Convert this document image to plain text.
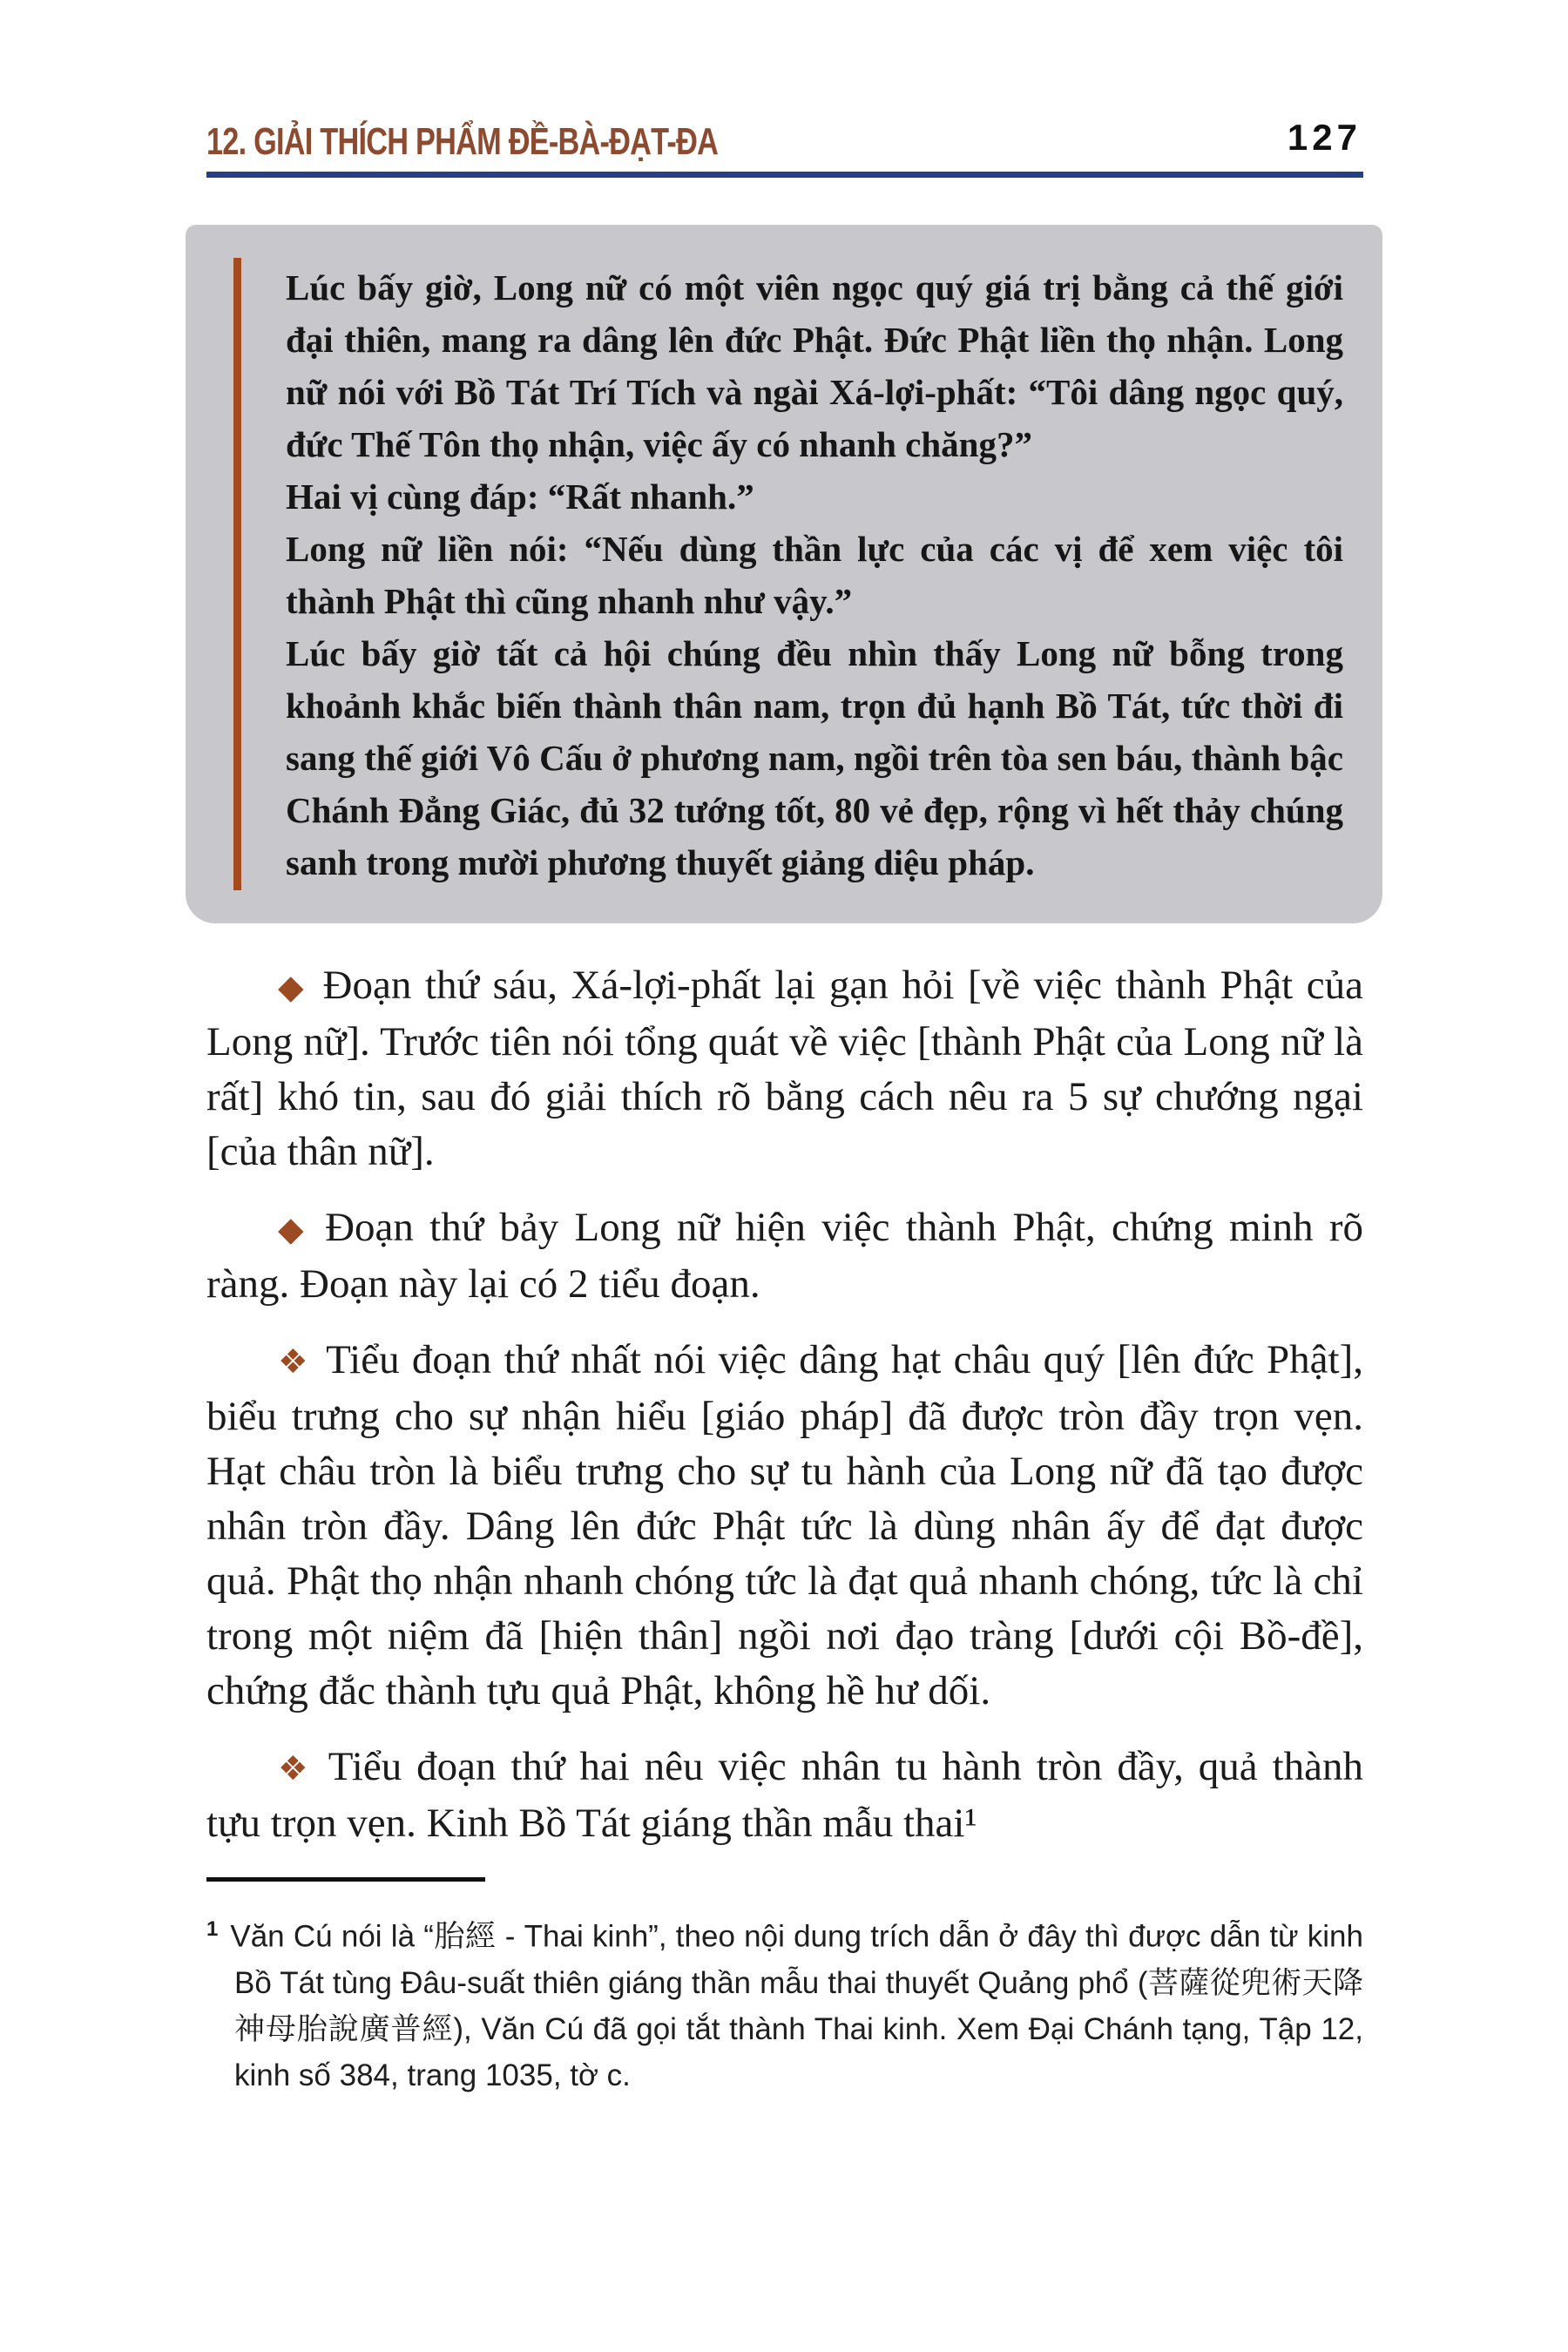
12. GIẢI THÍCH PHẨM ĐỀ-BÀ-ĐẠT-ĐA	127

Lúc bấy giờ, Long nữ có một viên ngọc quý giá trị bằng cả thế giới đại thiên, mang ra dâng lên đức Phật. Đức Phật liền thọ nhận. Long nữ nói với Bồ Tát Trí Tích và ngài Xá-lợi-phất: “Tôi dâng ngọc quý, đức Thế Tôn thọ nhận, việc ấy có nhanh chăng?”

Hai vị cùng đáp: “Rất nhanh.”

Long nữ liền nói: “Nếu dùng thần lực của các vị để xem việc tôi thành Phật thì cũng nhanh như vậy.”

Lúc bấy giờ tất cả hội chúng đều nhìn thấy Long nữ bỗng trong khoảnh khắc biến thành thân nam, trọn đủ hạnh Bồ Tát, tức thời đi sang thế giới Vô Cấu ở phương nam, ngồi trên tòa sen báu, thành bậc Chánh Đẳng Giác, đủ 32 tướng tốt, 80 vẻ đẹp, rộng vì hết thảy chúng sanh trong mười phương thuyết giảng diệu pháp.

◆ Đoạn thứ sáu, Xá-lợi-phất lại gạn hỏi [về việc thành Phật của Long nữ]. Trước tiên nói tổng quát về việc [thành Phật của Long nữ là rất] khó tin, sau đó giải thích rõ bằng cách nêu ra 5 sự chướng ngại [của thân nữ].

◆ Đoạn thứ bảy Long nữ hiện việc thành Phật, chứng minh rõ ràng. Đoạn này lại có 2 tiểu đoạn.

❖ Tiểu đoạn thứ nhất nói việc dâng hạt châu quý [lên đức Phật], biểu trưng cho sự nhận hiểu [giáo pháp] đã được tròn đầy trọn vẹn. Hạt châu tròn là biểu trưng cho sự tu hành của Long nữ đã tạo được nhân tròn đầy. Dâng lên đức Phật tức là dùng nhân ấy để đạt được quả. Phật thọ nhận nhanh chóng tức là đạt quả nhanh chóng, tức là chỉ trong một niệm đã [hiện thân] ngồi nơi đạo tràng [dưới cội Bồ-đề], chứng đắc thành tựu quả Phật, không hề hư dối.

❖ Tiểu đoạn thứ hai nêu việc nhân tu hành tròn đầy, quả thành tựu trọn vẹn. Kinh Bồ Tát giáng thần mẫu thai¹

$^1$ Văn Cú nói là “胎經 - Thai kinh”, theo nội dung trích dẫn ở đây thì được dẫn từ kinh Bồ Tát tùng Đâu-suất thiên giáng thần mẫu thai thuyết Quảng phổ (菩薩從兜術天降神母胎說廣普經), Văn Cú đã gọi tắt thành Thai kinh. Xem Đại Chánh tạng, Tập 12, kinh số 384, trang 1035, tờ c.
